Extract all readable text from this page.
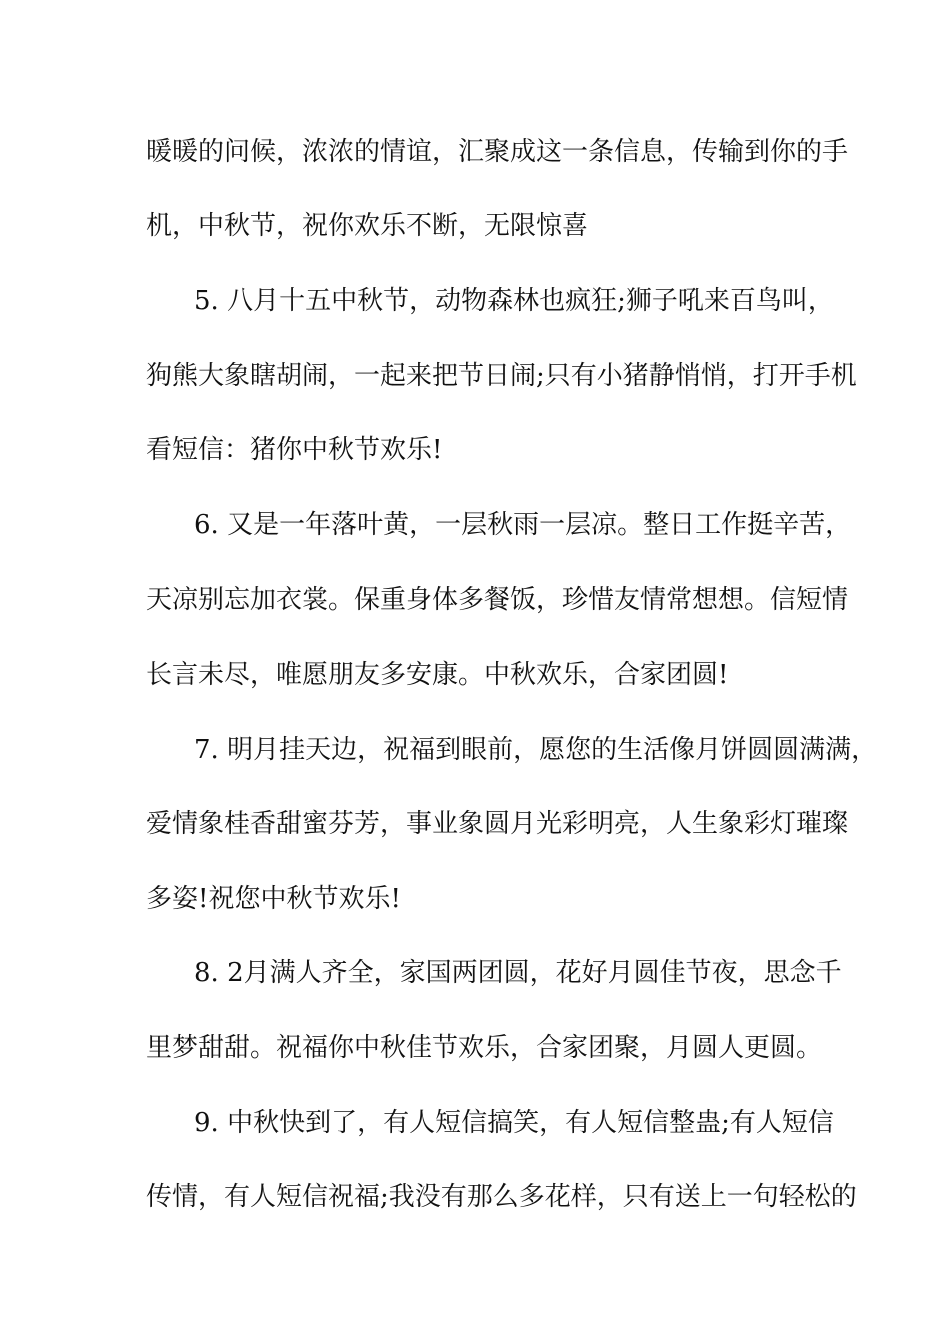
暖暖的问候，浓浓的情谊，汇聚成这一条信息，传输到你的手
机，中秋节，祝你欢乐不断，无限惊喜
5. 八月十五中秋节，动物森林也疯狂;狮子吼来百鸟叫，
狗熊大象瞎胡闹，一起来把节日闹;只有小猪静悄悄，打开手机
看短信：猪你中秋节欢乐!
6. 又是一年落叶黄，一层秋雨一层凉。整日工作挺辛苦，
天凉别忘加衣裳。保重身体多餐饭，珍惜友情常想想。信短情
长言未尽，唯愿朋友多安康。中秋欢乐，合家团圆!
7. 明月挂天边，祝福到眼前，愿您的生活像月饼圆圆满满，
爱情象桂香甜蜜芬芳，事业象圆月光彩明亮，人生象彩灯璀璨
多姿!祝您中秋节欢乐!
8. 2月满人齐全，家国两团圆，花好月圆佳节夜，思念千
里梦甜甜。祝福你中秋佳节欢乐，合家团聚，月圆人更圆。
9. 中秋快到了，有人短信搞笑，有人短信整蛊;有人短信
传情，有人短信祝福;我没有那么多花样，只有送上一句轻松的
